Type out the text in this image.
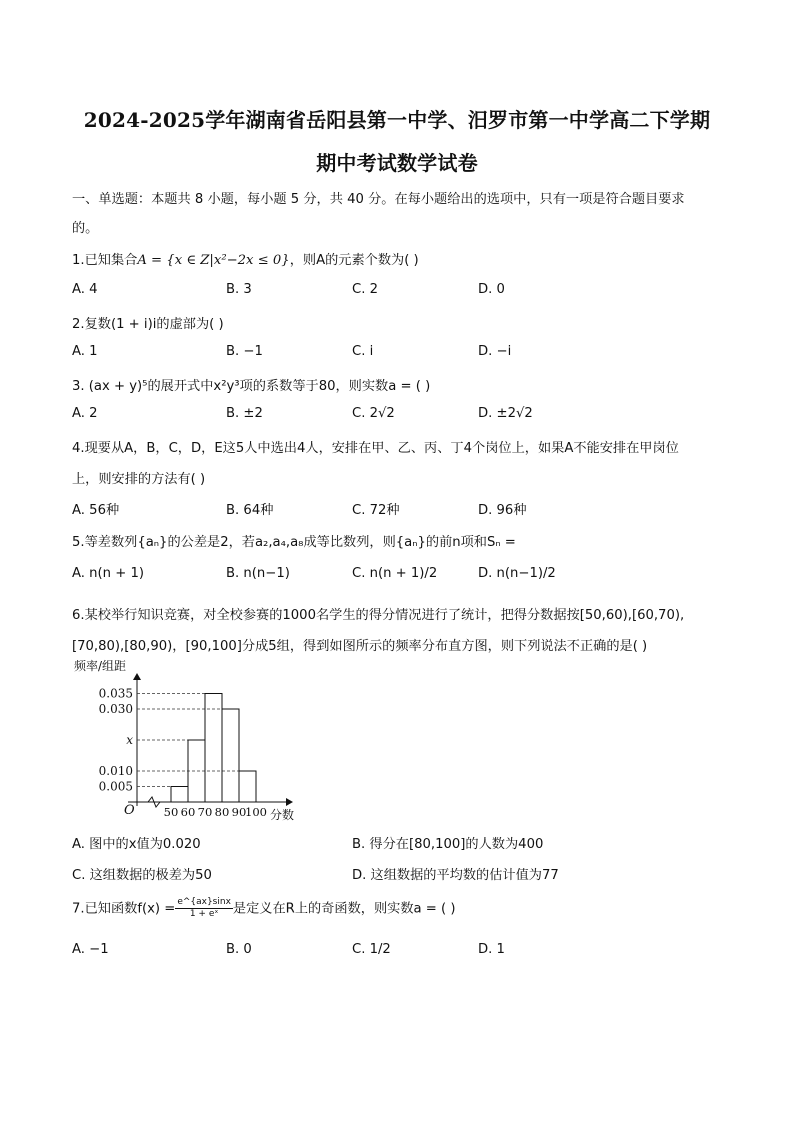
2024-2025学年湖南省岳阳县第一中学、汨罗市第一中学高二下学期
期中考试数学试卷
一、单选题：本题共 8 小题，每小题 5 分，共 40 分。在每小题给出的选项中，只有一项是符合题目要求
的。
1.已知集合A = {x ∈ Z|x²−2x ≤ 0}，则A的元素个数为( )
A. 4	B. 3	C. 2	D. 0
2.复数(1 + i)i的虚部为( )
A. 1	B. −1	C. i	D. −i
3. (ax + y)⁵的展开式中x²y³项的系数等于80，则实数a = ( )
A. 2	B. ±2	C. 2√2	D. ±2√2
4.现要从A，B，C，D，E这5人中选出4人，安排在甲、乙、丙、丁4个岗位上，如果A不能安排在甲岗位
上，则安排的方法有( )
A. 56种	B. 64种	C. 72种	D. 96种
5.等差数列{aₙ}的公差是2，若a₂,a₄,a₈成等比数列，则{aₙ}的前n项和Sₙ =
A. n(n + 1)	B. n(n−1)	C. n(n + 1)/2	D. n(n−1)/2
6.某校举行知识竞赛，对全校参赛的1000名学生的得分情况进行了统计，把得分数据按[50,60),[60,70),
[70,80),[80,90)，[90,100]分成5组，得到如图所示的频率分布直方图，则下列说法不正确的是( )
频率/组距
0.035
0.030
x
0.010
0.005
50 60 70 80 90
100
O	分数
A. 图中的x值为0.020	B. 得分在[80,100]的人数为400
C. 这组数据的极差为50	D. 这组数据的平均数的估计值为77
7.已知函数$f(x) = \frac{e\^{}\{ax\}\sin x}{\text{1 + eˣ}}$ 是定义在R上的奇函数，则实数a = ( )
A. −1	B. 0	C. 1/2	D. 1
